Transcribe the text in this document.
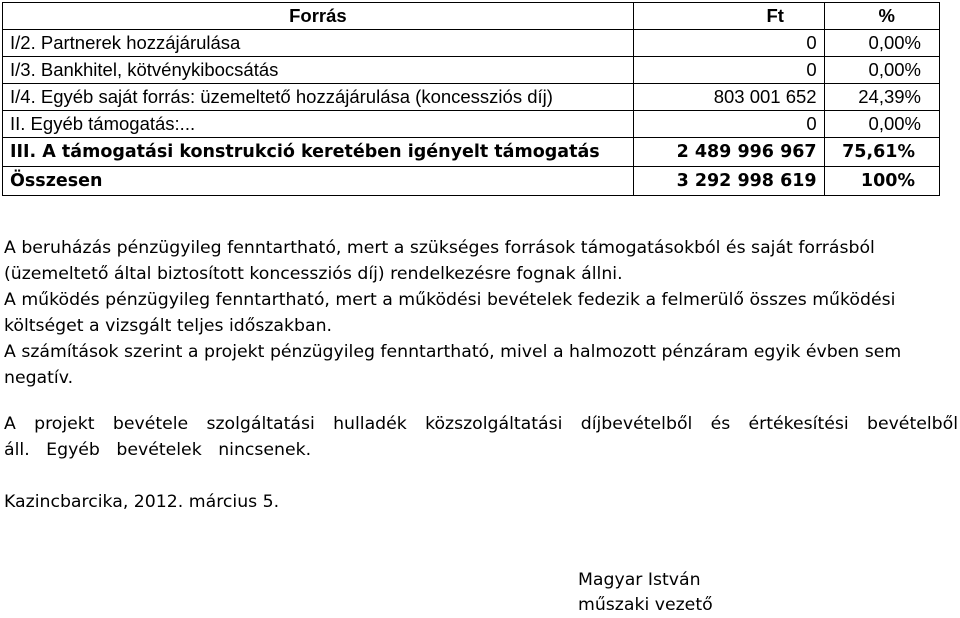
Forrás	Ft	%
I/2. Partnerek hozzájárulása	0	0,00%
I/3. Bankhitel, kötvénykibocsátás	0	0,00%
I/4. Egyéb saját forrás: üzemeltető hozzájárulása (koncessziós díj)	803 001 652	24,39%
II. Egyéb támogatás:...	0	0,00%
III. A támogatási konstrukció keretében igényelt támogatás	2 489 996 967	75,61%
Összesen	3 292 998 619	100%

A beruházás pénzügyileg fenntartható, mert a szükséges források támogatásokból és saját forrásból (üzemeltető által biztosított koncessziós díj) rendelkezésre fognak állni.

A működés pénzügyileg fenntartható, mert a működési bevételek fedezik a felmerülő összes működési költséget a vizsgált teljes időszakban.

A számítások szerint a projekt pénzügyileg fenntartható, mivel a halmozott pénzáram egyik évben sem negatív.

A projekt bevétele szolgáltatási hulladék közszolgáltatási díjbevételből és értékesítési bevételből áll. Egyéb bevételek nincsenek.

Kazincbarcika, 2012. március 5.

Magyar István
műszaki vezető
